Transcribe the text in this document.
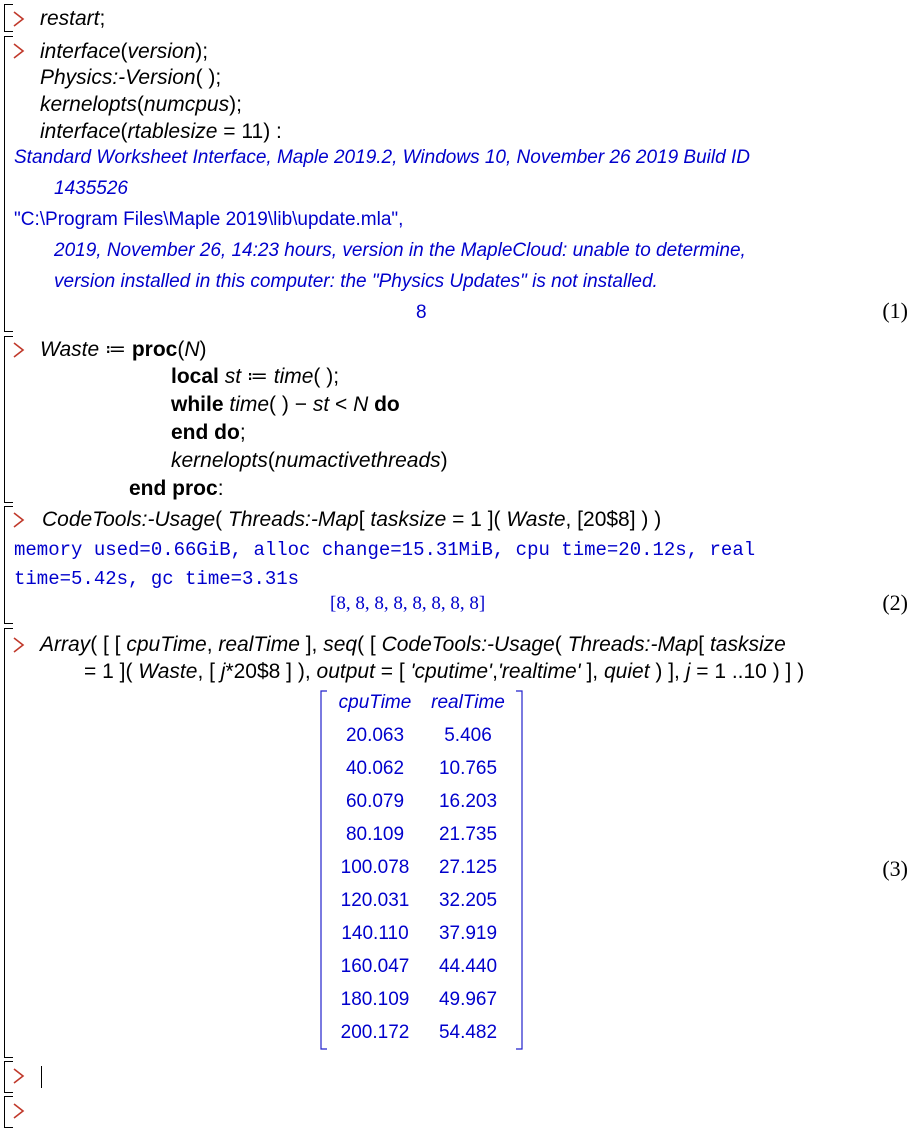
restart;
interface(version);
Physics:-Version( );
kernelopts(numcpus);
interface(rtablesize = 11) :
Standard Worksheet Interface, Maple 2019.2, Windows 10, November 26 2019 Build ID
1435526
"C:\Program Files\Maple 2019\lib\update.mla",
2019, November 26, 14:23 hours, version in the MapleCloud: unable to determine,
version installed in this computer: the "Physics Updates" is not installed.
8	(1)
Waste ≔ proc(N)
local st ≔ time( );
while time( ) − st < N do
end do;
kernelopts(numactivethreads)
end proc:
CodeTools:-Usage( Threads:-Map[ tasksize = 1 ]( Waste, [20$8] ) )
memory used=0.66GiB, alloc change=15.31MiB, cpu time=20.12s, real
time=5.42s, gc time=3.31s
[8, 8, 8, 8, 8, 8, 8, 8]	(2)
Array( [ [ cpuTime, realTime ], seq( [ CodeTools:-Usage( Threads:-Map[ tasksize
= 1 ]( Waste, [ j*20$8 ] ), output = [ 'cputime','realtime' ], quiet ) ], j = 1 ..10 ) ] )
cpuTime	realTime
20.063	5.406
40.062	10.765
60.079	16.203
80.109	21.735
100.078	27.125
120.031	32.205
140.110	37.919
160.047	44.440
180.109	49.967
200.172	54.482
(3)
